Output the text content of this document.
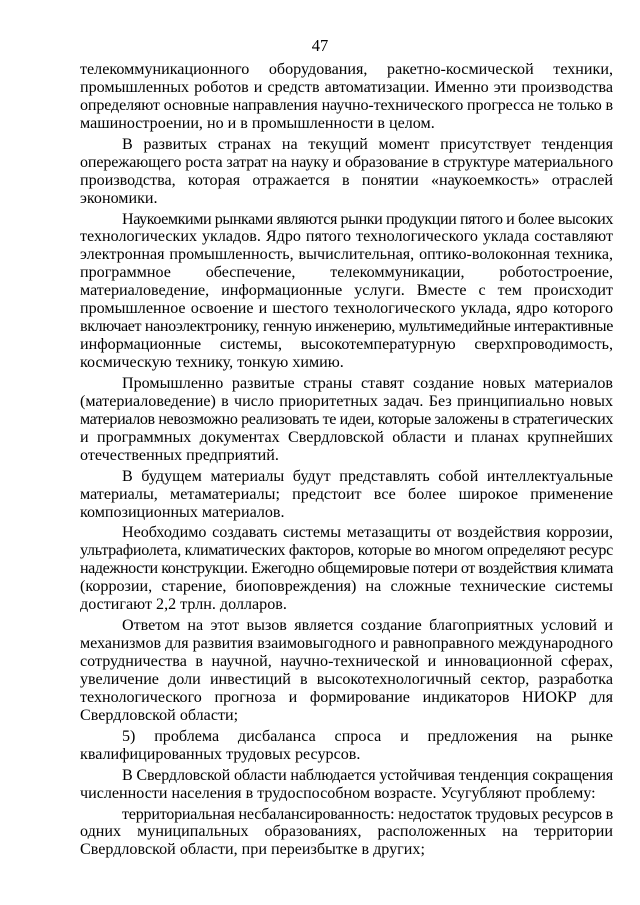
47
телекоммуникационного оборудования, ракетно-космической техники,
промышленных роботов и средств автоматизации. Именно эти производства
определяют основные направления научно-технического прогресса не только в
машиностроении, но и в промышленности в целом.
В развитых странах на текущий момент присутствует тенденция
опережающего роста затрат на науку и образование в структуре материального
производства, которая отражается в понятии «наукоемкость» отраслей
экономики.
Наукоемкими рынками являются рынки продукции пятого и более высоких
технологических укладов. Ядро пятого технологического уклада составляют
электронная промышленность, вычислительная, оптико-волоконная техника,
программное обеспечение, телекоммуникации, роботостроение,
материаловедение, информационные услуги. Вместе с тем происходит
промышленное освоение и шестого технологического уклада, ядро которого
включает наноэлектронику, генную инженерию, мультимедийные интерактивные
информационные системы, высокотемпературную сверхпроводимость,
космическую технику, тонкую химию.
Промышленно развитые страны ставят создание новых материалов
(материаловедение) в число приоритетных задач. Без принципиально новых
материалов невозможно реализовать те идеи, которые заложены в стратегических
и программных документах Свердловской области и планах крупнейших
отечественных предприятий.
В будущем материалы будут представлять собой интеллектуальные
материалы, метаматериалы; предстоит все более широкое применение
композиционных материалов.
Необходимо создавать системы метазащиты от воздействия коррозии,
ультрафиолета, климатических факторов, которые во многом определяют ресурс
надежности конструкции. Ежегодно общемировые потери от воздействия климата
(коррозии, старение, биоповреждения) на сложные технические системы
достигают 2,2 трлн. долларов.
Ответом на этот вызов является создание благоприятных условий и
механизмов для развития взаимовыгодного и равноправного международного
сотрудничества в научной, научно-технической и инновационной сферах,
увеличение доли инвестиций в высокотехнологичный сектор, разработка
технологического прогноза и формирование индикаторов НИОКР для
Свердловской области;
5) проблема дисбаланса спроса и предложения на рынке
квалифицированных трудовых ресурсов.
В Свердловской области наблюдается устойчивая тенденция сокращения
численности населения в трудоспособном возрасте. Усугубляют проблему:
территориальная несбалансированность: недостаток трудовых ресурсов в
одних муниципальных образованиях, расположенных на территории
Свердловской области, при переизбытке в других;
